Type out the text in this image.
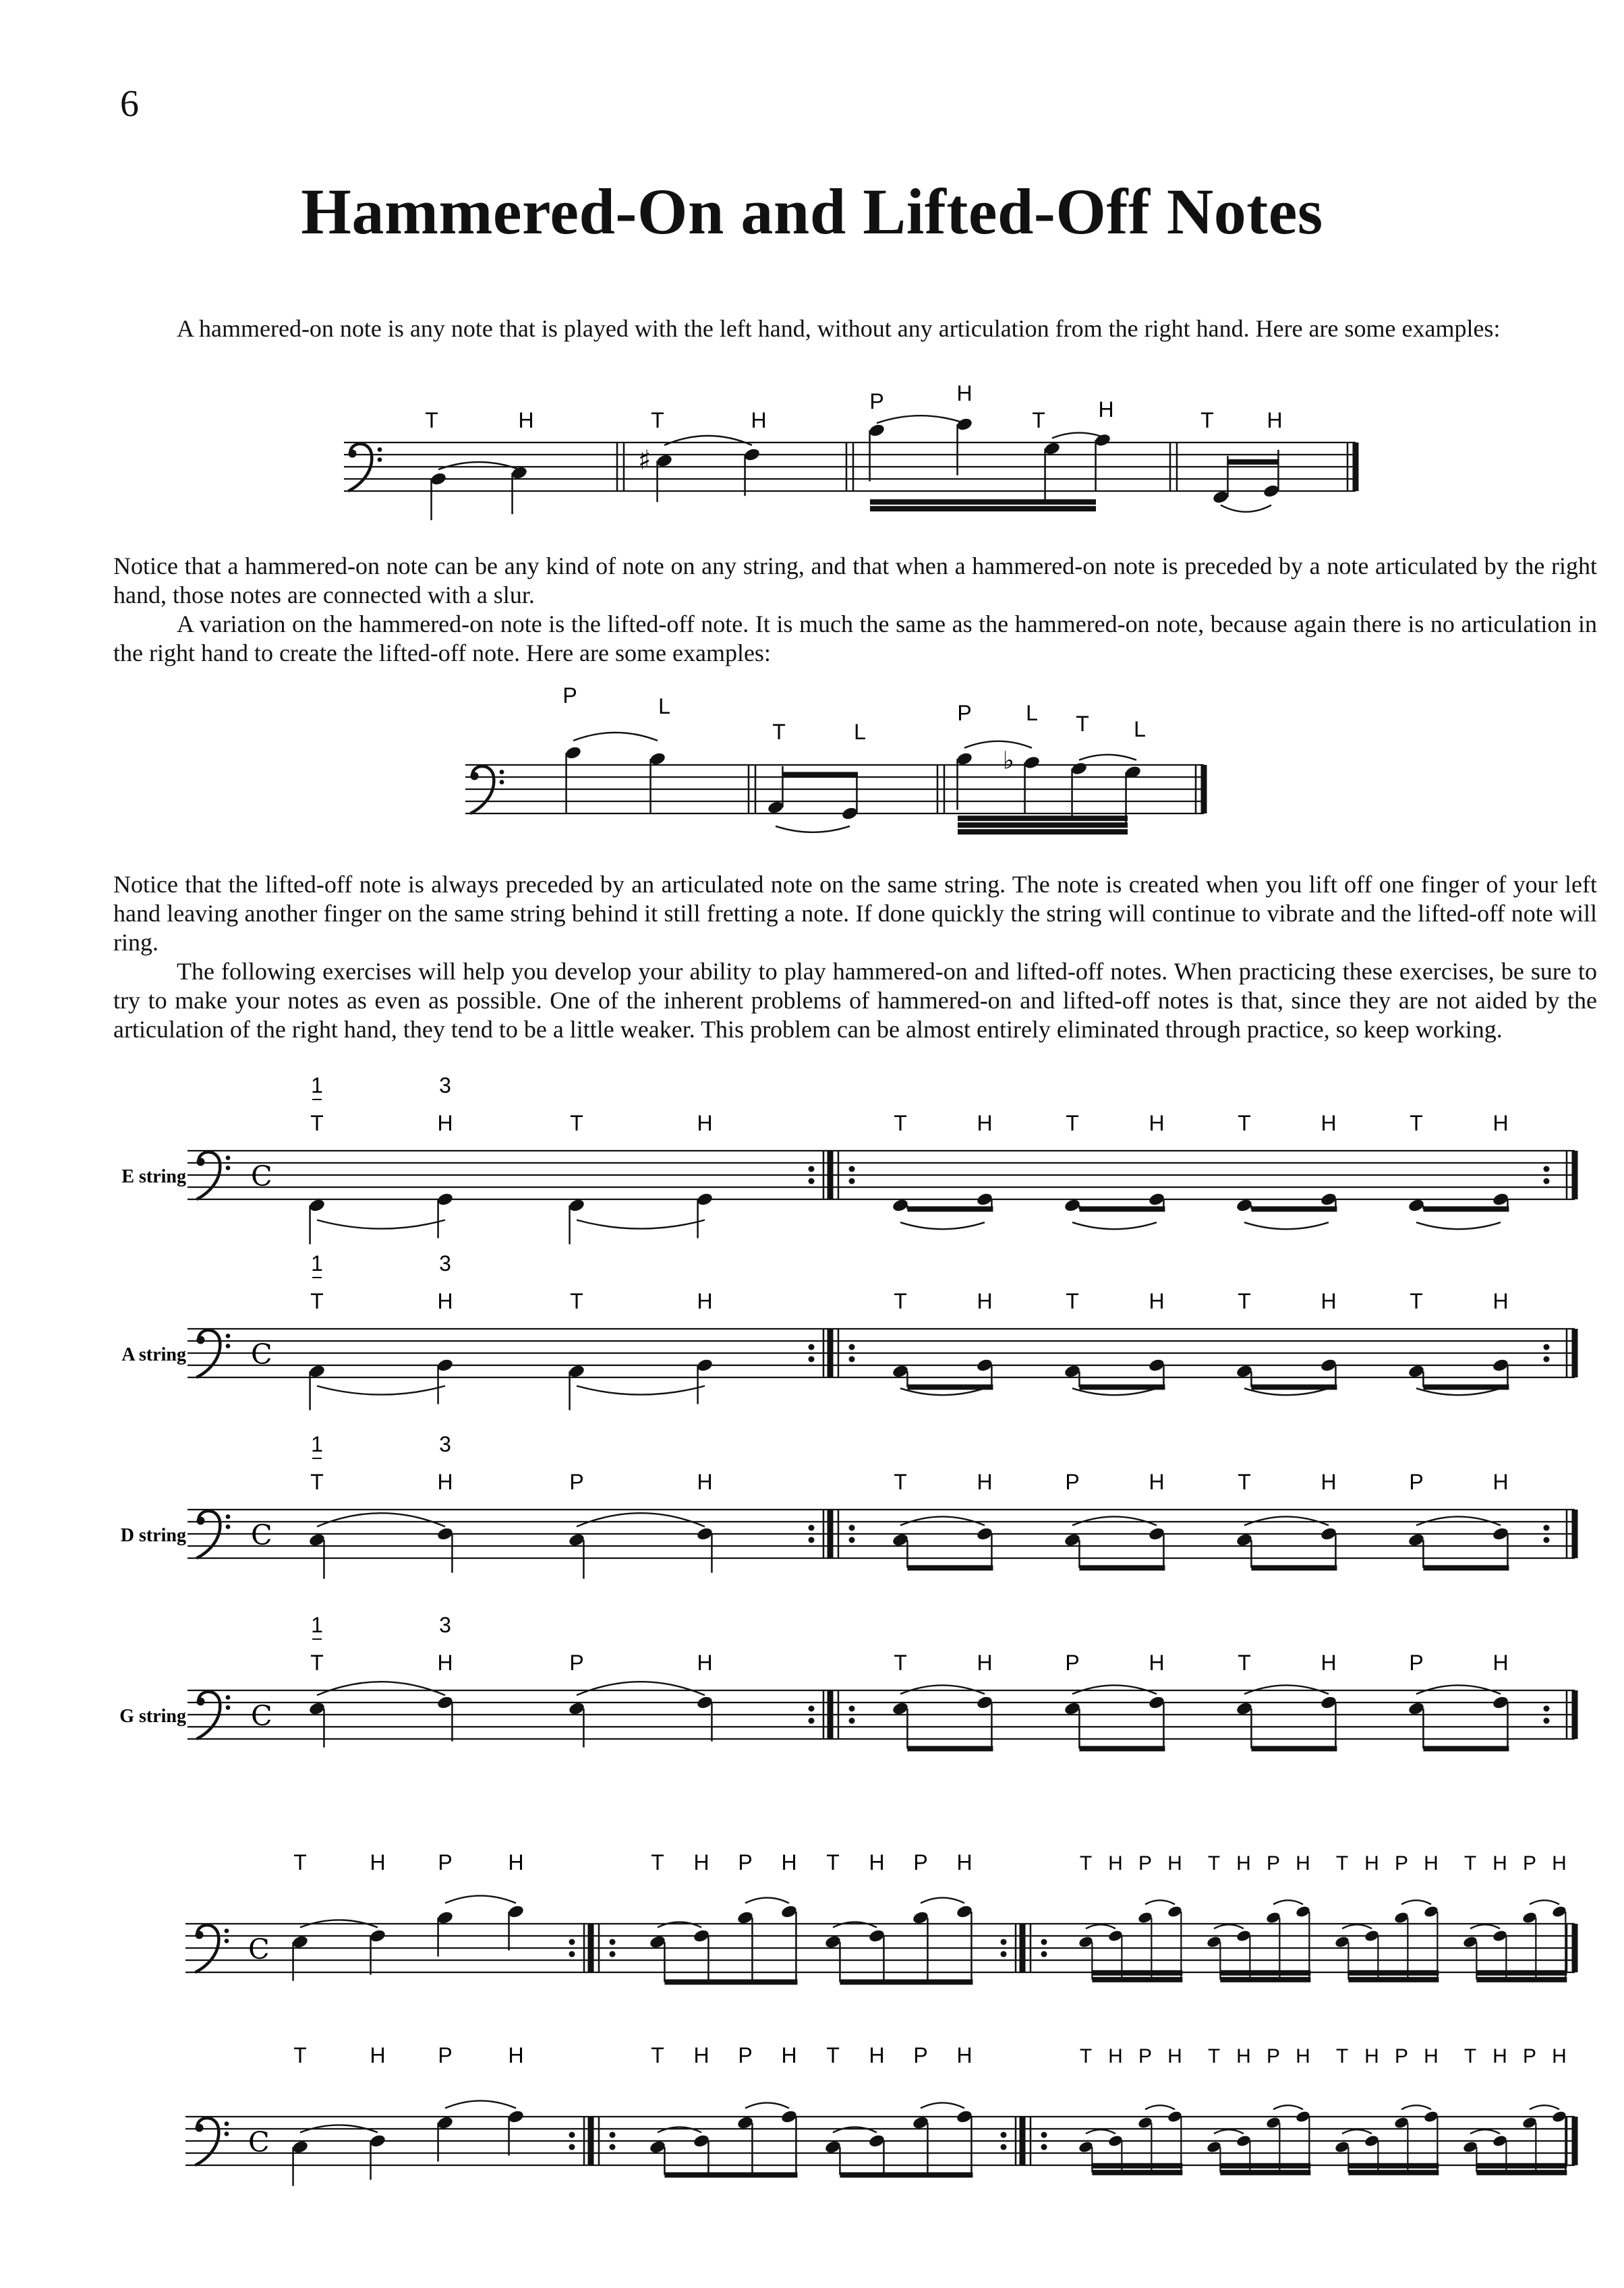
6
Hammered-On and Lifted-Off Notes

A hammered-on note is any note that is played with the left hand, without any articulation from the right hand. Here are some examples:

Notice that a hammered-on note can be any kind of note on any string, and that when a hammered-on note is preceded by a note articulated by the right hand, those notes are connected with a slur.

A variation on the hammered-on note is the lifted-off note. It is much the same as the hammered-on note, because again there is no articulation in the right hand to create the lifted-off note. Here are some examples:

Notice that the lifted-off note is always preceded by an articulated note on the same string. The note is created when you lift off one finger of your left hand leaving another finger on the same string behind it still fretting a note. If done quickly the string will continue to vibrate and the lifted-off note will ring.

The following exercises will help you develop your ability to play hammered-on and lifted-off notes. When practicing these exercises, be sure to try to make your notes as even as possible. One of the inherent problems of hammered-on and lifted-off notes is that, since they are not aided by the articulation of the right hand, they tend to be a little weaker. This problem can be almost entirely eliminated through practice, so keep working.

T	H
♯
T	H
P	H
T H	T H
P	L
T	L
♭
P	L T L
C
E string
T	H	T	H
1	3
T	H	T	H	T	H	T	H
C
A string
T	H	T	H
1	3
T	H	T	H	T	H	T	H
C
D string
T	H	P	H
1	3
T	H	P	H	T	H	P	H
C
G string
T	H	P	H
1	3
T	H	P	H	T	H	P	H
C
T	H P	H	T H P H T H P H	T H P H T H P H T H P H T H P H
C
T	H P	H	T H P H T H P H	T H P H T H P H T H P H T H P H
